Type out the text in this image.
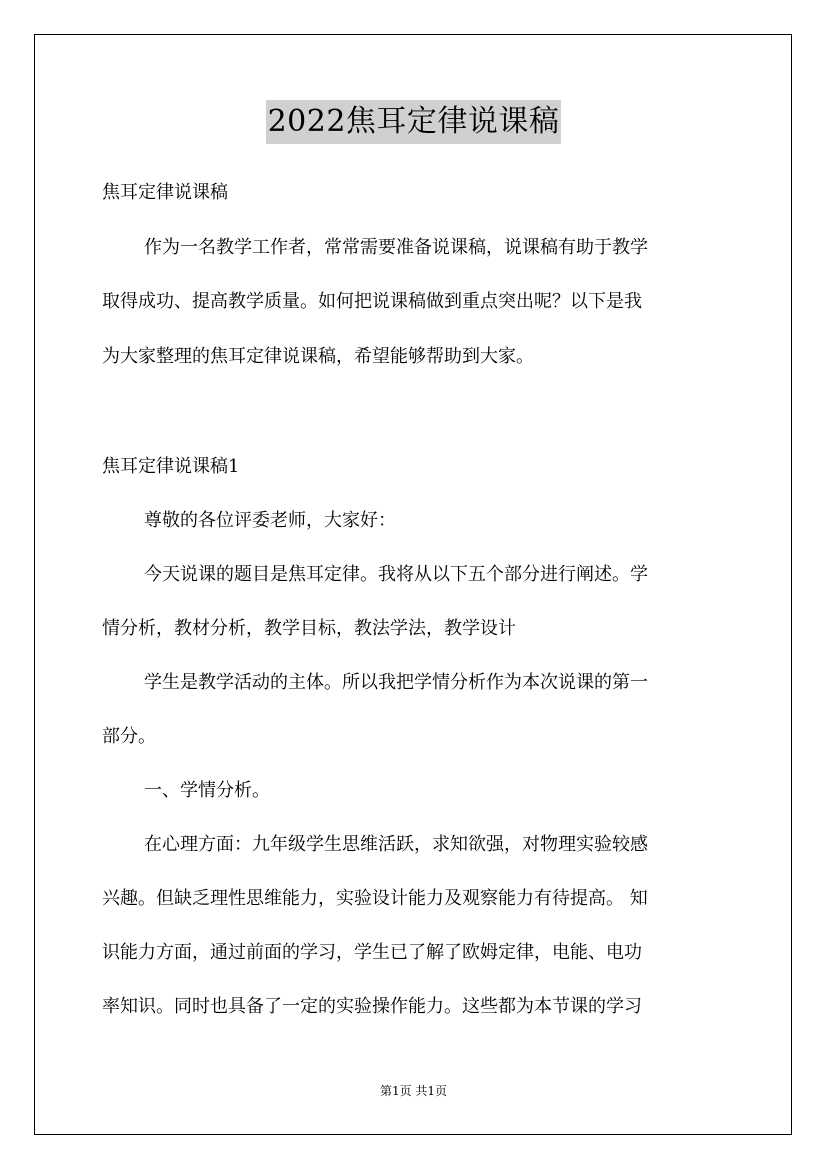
2022焦耳定律说课稿
焦耳定律说课稿
作为一名教学工作者，常常需要准备说课稿，说课稿有助于教学
取得成功、提高教学质量。如何把说课稿做到重点突出呢？以下是我
为大家整理的焦耳定律说课稿，希望能够帮助到大家。
焦耳定律说课稿1
尊敬的各位评委老师，大家好：
今天说课的题目是焦耳定律。我将从以下五个部分进行阐述。学
情分析，教材分析，教学目标，教法学法，教学设计
学生是教学活动的主体。所以我把学情分析作为本次说课的第一
部分。
一、学情分析。
在心理方面：九年级学生思维活跃，求知欲强，对物理实验较感
兴趣。但缺乏理性思维能力，实验设计能力及观察能力有待提高。 知
识能力方面，通过前面的学习，学生已了解了欧姆定律，电能、电功
率知识。同时也具备了一定的实验操作能力。这些都为本节课的学习
第1页 共1页
